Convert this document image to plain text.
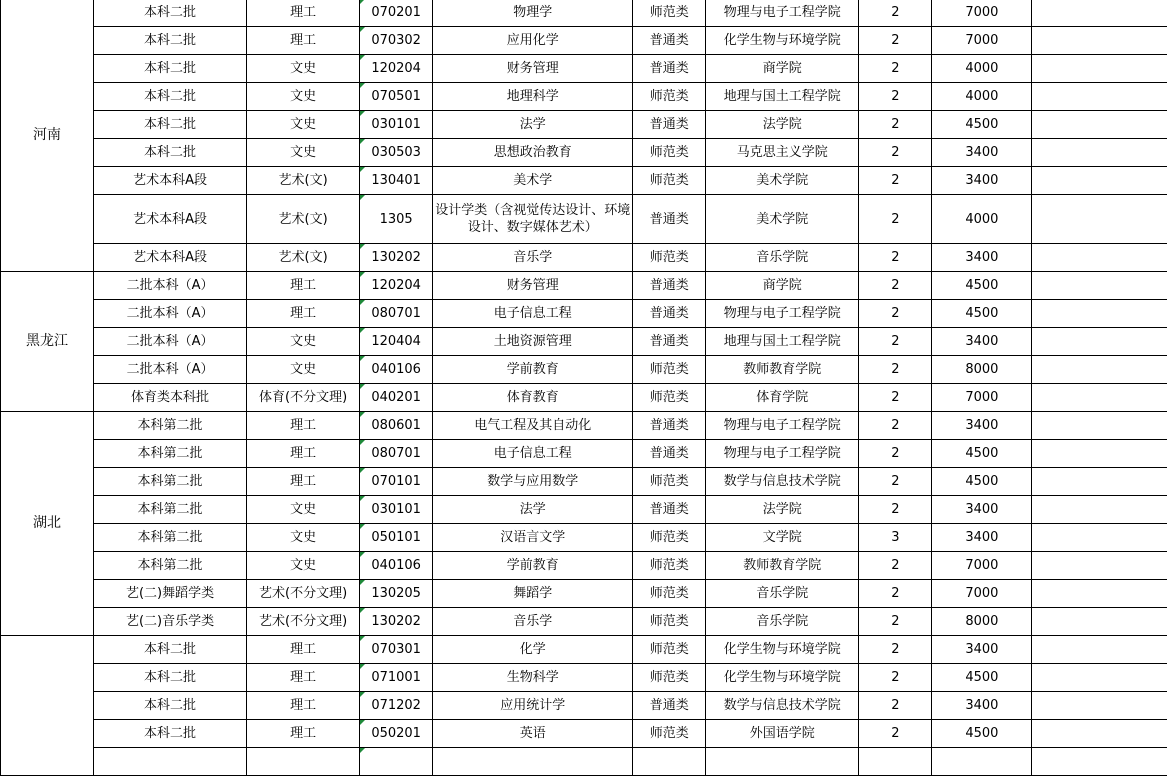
河南	本科二批	理工	070201	物理学	师范类	物理与电子工程学院	2	7000	
	本科二批	理工	070302	应用化学	普通类	化学生物与环境学院	2	7000	
	本科二批	文史	120204	财务管理	普通类	商学院	2	4000	
	本科二批	文史	070501	地理科学	师范类	地理与国土工程学院	2	4000	
	本科二批	文史	030101	法学	普通类	法学院	2	4500	
	本科二批	文史	030503	思想政治教育	师范类	马克思主义学院	2	3400	
	艺术本科A段	艺术(文)	130401	美术学	师范类	美术学院	2	3400	
	艺术本科A段	艺术(文)	1305	设计学类（含视觉传达设计、环境设计、数字媒体艺术）	普通类	美术学院	2	4000	
	艺术本科A段	艺术(文)	130202	音乐学	师范类	音乐学院	2	3400	
黑龙江	二批本科（A）	理工	120204	财务管理	普通类	商学院	2	4500	
	二批本科（A）	理工	080701	电子信息工程	普通类	物理与电子工程学院	2	4500	
	二批本科（A）	文史	120404	土地资源管理	普通类	地理与国土工程学院	2	3400	
	二批本科（A）	文史	040106	学前教育	师范类	教师教育学院	2	8000	
	体育类本科批	体育(不分文理)	040201	体育教育	师范类	体育学院	2	7000	
湖北	本科第二批	理工	080601	电气工程及其自动化	普通类	物理与电子工程学院	2	3400	
	本科第二批	理工	080701	电子信息工程	普通类	物理与电子工程学院	2	4500	
	本科第二批	理工	070101	数学与应用数学	师范类	数学与信息技术学院	2	4500	
	本科第二批	文史	030101	法学	普通类	法学院	2	3400	
	本科第二批	文史	050101	汉语言文学	师范类	文学院	3	3400	
	本科第二批	文史	040106	学前教育	师范类	教师教育学院	2	7000	
	艺(二)舞蹈学类	艺术(不分文理)	130205	舞蹈学	师范类	音乐学院	2	7000	
	艺(二)音乐学类	艺术(不分文理)	130202	音乐学	师范类	音乐学院	2	8000	
	本科二批	理工	070301	化学	师范类	化学生物与环境学院	2	3400	
	本科二批	理工	071001	生物科学	师范类	化学生物与环境学院	2	4500	
	本科二批	理工	071202	应用统计学	普通类	数学与信息技术学院	2	3400	
	本科二批	理工	050201	英语	师范类	外国语学院	2	4500	
